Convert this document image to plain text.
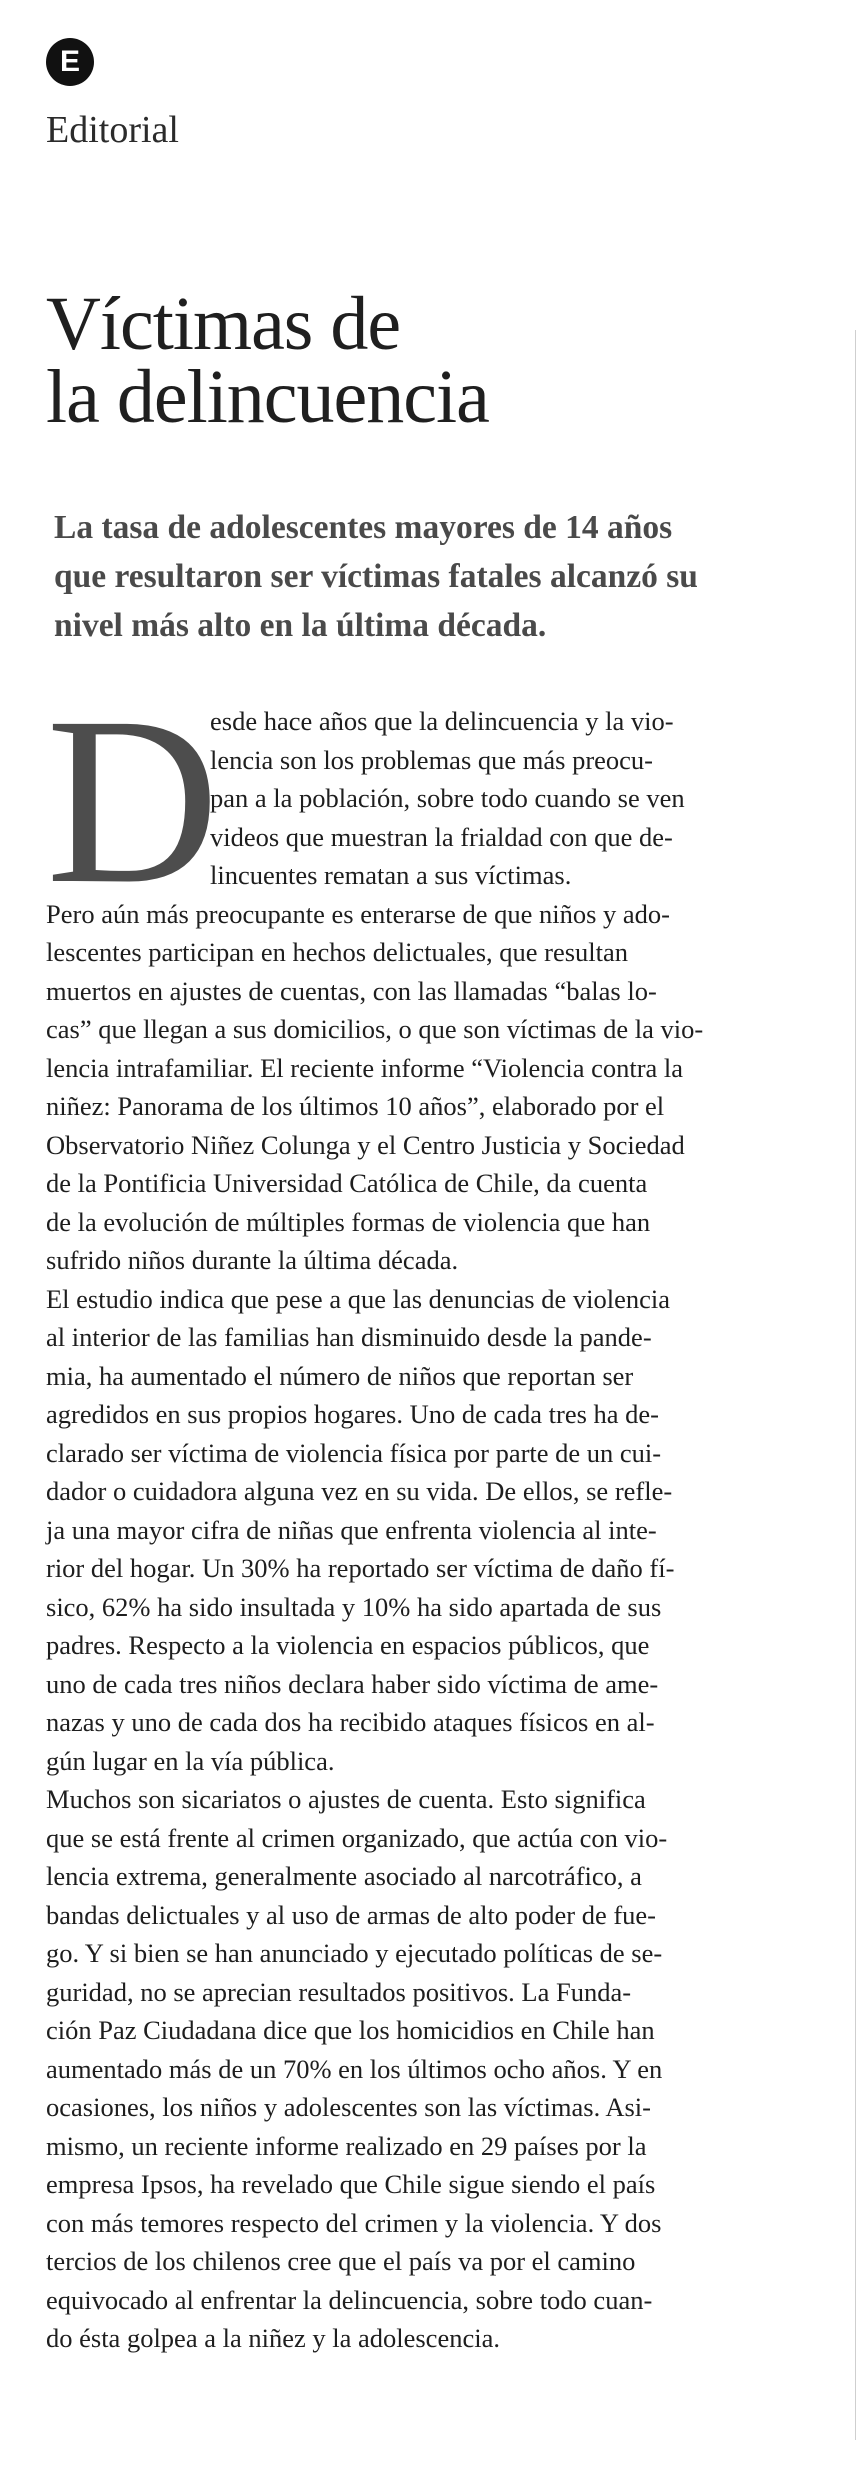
E
Editorial
Víctimas de
la delincuencia
La tasa de adolescentes mayores de 14 años
que resultaron ser víctimas fatales alcanzó su
nivel más alto en la última década.
D
esde hace años que la delincuencia y la vio-
lencia son los problemas que más preocu-
pan a la población, sobre todo cuando se ven
videos que muestran la frialdad con que de-
lincuentes rematan a sus víctimas.
Pero aún más preocupante es enterarse de que niños y ado-
lescentes participan en hechos delictuales, que resultan
muertos en ajustes de cuentas, con las llamadas “balas lo-
cas” que llegan a sus domicilios, o que son víctimas de la vio-
lencia intrafamiliar. El reciente informe “Violencia contra la
niñez: Panorama de los últimos 10 años”, elaborado por el
Observatorio Niñez Colunga y el Centro Justicia y Sociedad
de la Pontificia Universidad Católica de Chile, da cuenta
de la evolución de múltiples formas de violencia que han
sufrido niños durante la última década.
El estudio indica que pese a que las denuncias de violencia
al interior de las familias han disminuido desde la pande-
mia, ha aumentado el número de niños que reportan ser
agredidos en sus propios hogares. Uno de cada tres ha de-
clarado ser víctima de violencia física por parte de un cui-
dador o cuidadora alguna vez en su vida. De ellos, se refle-
ja una mayor cifra de niñas que enfrenta violencia al inte-
rior del hogar. Un 30% ha reportado ser víctima de daño fí-
sico, 62% ha sido insultada y 10% ha sido apartada de sus
padres. Respecto a la violencia en espacios públicos, que
uno de cada tres niños declara haber sido víctima de ame-
nazas y uno de cada dos ha recibido ataques físicos en al-
gún lugar en la vía pública.
Muchos son sicariatos o ajustes de cuenta. Esto significa
que se está frente al crimen organizado, que actúa con vio-
lencia extrema, generalmente asociado al narcotráfico, a
bandas delictuales y al uso de armas de alto poder de fue-
go. Y si bien se han anunciado y ejecutado políticas de se-
guridad, no se aprecian resultados positivos. La Funda-
ción Paz Ciudadana dice que los homicidios en Chile han
aumentado más de un 70% en los últimos ocho años. Y en
ocasiones, los niños y adolescentes son las víctimas. Asi-
mismo, un reciente informe realizado en 29 países por la
empresa Ipsos, ha revelado que Chile sigue siendo el país
con más temores respecto del crimen y la violencia. Y dos
tercios de los chilenos cree que el país va por el camino
equivocado al enfrentar la delincuencia, sobre todo cuan-
do ésta golpea a la niñez y la adolescencia.
